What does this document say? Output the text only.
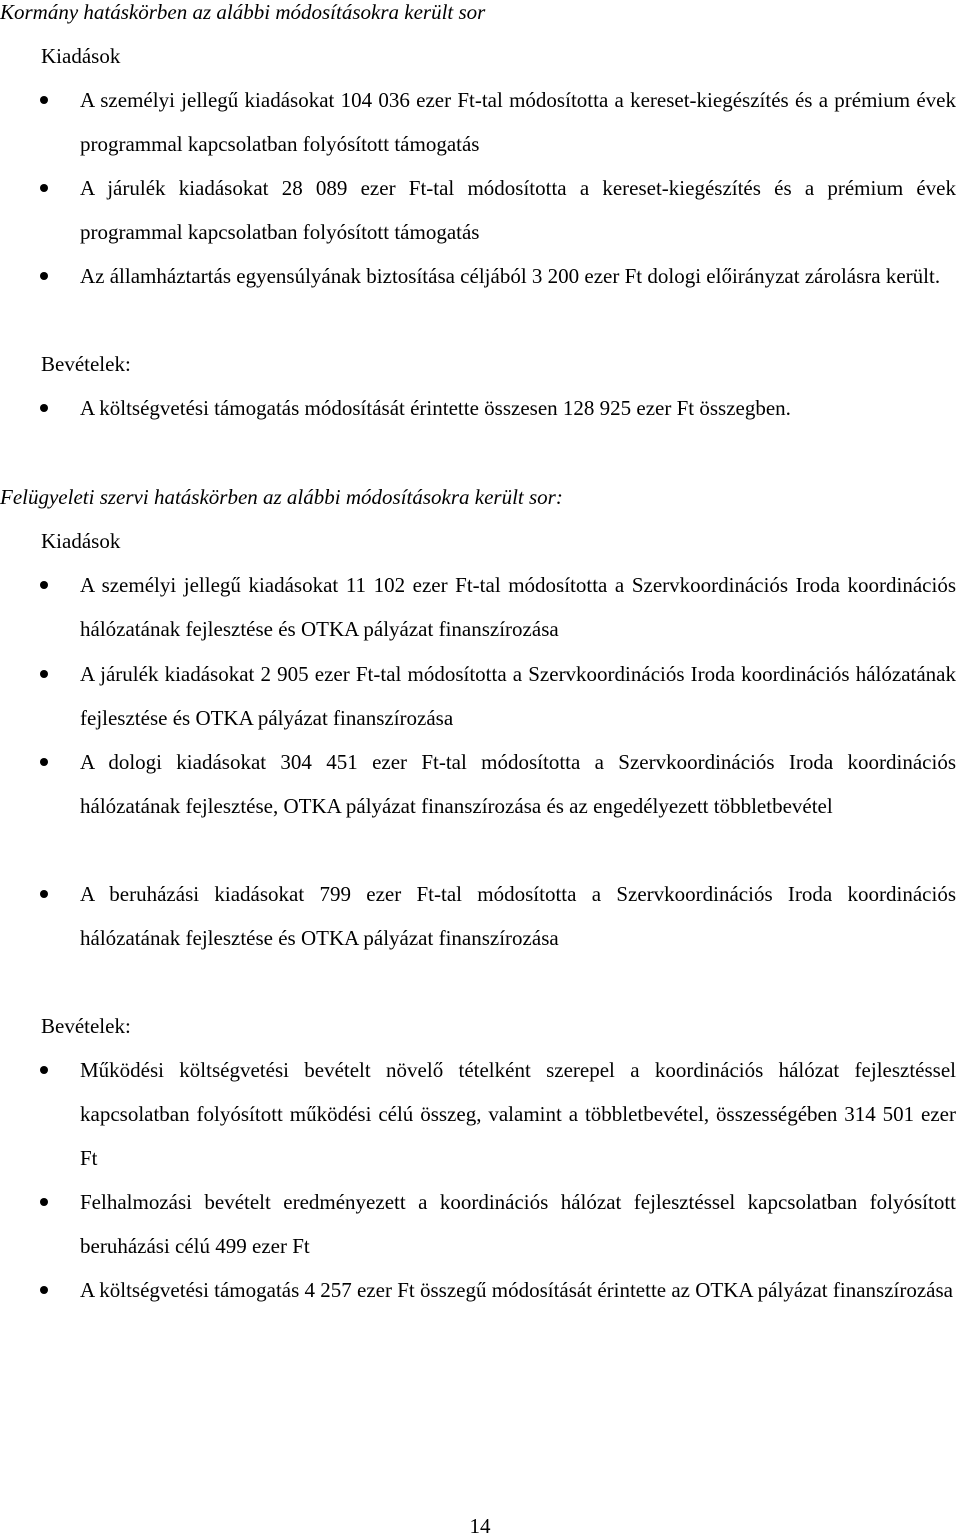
Kormány hatáskörben az alábbi módosításokra került sor
Kiadások
A személyi jellegű kiadásokat 104 036 ezer Ft-tal módosította a kereset-kiegészítés és a prémium évek programmal kapcsolatban folyósított támogatás
A járulék kiadásokat 28 089 ezer Ft-tal módosította a kereset-kiegészítés és a prémium évek programmal kapcsolatban folyósított támogatás
Az államháztartás egyensúlyának biztosítása céljából 3 200 ezer Ft dologi előirányzat zárolásra került.
Bevételek:
A költségvetési támogatás módosítását érintette összesen 128 925 ezer Ft összegben.
Felügyeleti szervi hatáskörben az alábbi módosításokra került sor:
Kiadások
A személyi jellegű kiadásokat 11 102 ezer Ft-tal módosította a Szervkoordinációs Iroda koordinációs hálózatának fejlesztése és OTKA pályázat finanszírozása
A járulék kiadásokat 2 905 ezer Ft-tal módosította a Szervkoordinációs Iroda koordinációs hálózatának fejlesztése és OTKA pályázat finanszírozása
A dologi kiadásokat 304 451 ezer Ft-tal módosította a Szervkoordinációs Iroda koordinációs hálózatának fejlesztése, OTKA pályázat finanszírozása és az engedélyezett többletbevétel
A beruházási kiadásokat 799 ezer Ft-tal módosította a Szervkoordinációs Iroda koordinációs hálózatának fejlesztése és OTKA pályázat finanszírozása
Bevételek:
Működési költségvetési bevételt növelő tételként szerepel a koordinációs hálózat fejlesztéssel kapcsolatban folyósított működési célú összeg, valamint a többletbevétel, összességében 314 501 ezer Ft
Felhalmozási bevételt eredményezett a koordinációs hálózat fejlesztéssel kapcsolatban folyósított beruházási célú 499 ezer Ft
A költségvetési támogatás 4 257 ezer Ft összegű módosítását érintette az OTKA pályázat finanszírozása
14
